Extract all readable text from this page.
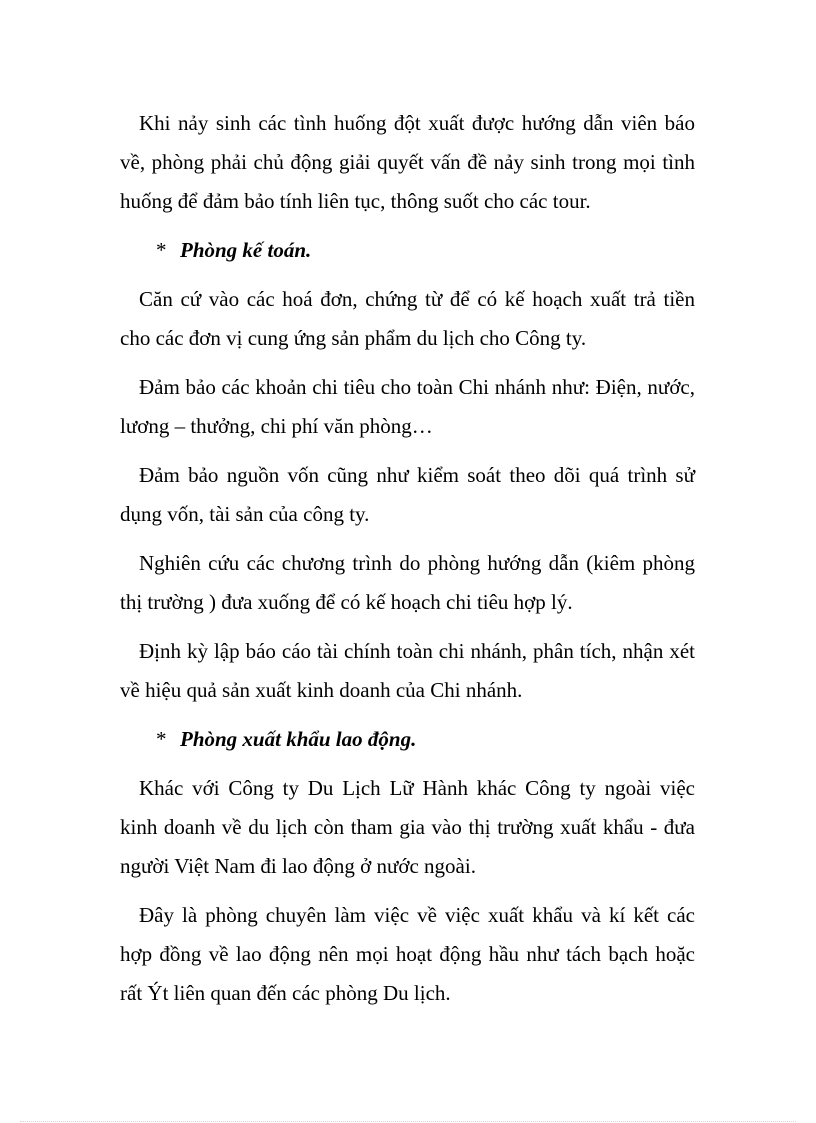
Khi nảy sinh các tình huống đột xuất được hướng dẫn viên báo về, phòng phải chủ động giải quyết vấn đề nảy sinh trong mọi tình huống để đảm bảo tính liên tục, thông suốt cho các tour.

* Phòng kế toán.

Căn cứ vào các hoá đơn, chứng từ để có kế hoạch xuất trả tiền cho các đơn vị cung ứng sản phẩm du lịch cho Công ty.

Đảm bảo các khoản chi tiêu cho toàn Chi nhánh như: Điện, nước, lương – thưởng, chi phí văn phòng…

Đảm bảo nguồn vốn cũng như kiểm soát theo dõi quá trình sử dụng vốn, tài sản của công ty.

Nghiên cứu các chương trình do phòng hướng dẫn (kiêm phòng thị trường ) đưa xuống để có kế hoạch chi tiêu hợp lý.

Định kỳ lập báo cáo tài chính toàn chi nhánh, phân tích, nhận xét về hiệu quả sản xuất kinh doanh của Chi nhánh.

* Phòng xuất khẩu lao động.

Khác với Công ty Du Lịch Lữ Hành khác Công ty ngoài việc kinh doanh về du lịch còn tham gia vào thị trường xuất khẩu - đưa người Việt Nam đi lao động ở nước ngoài.

Đây là phòng chuyên làm việc về việc xuất khẩu và kí kết các hợp đồng về lao động nên mọi hoạt động hầu như tách bạch hoặc rất Ýt liên quan đến các phòng Du lịch.
